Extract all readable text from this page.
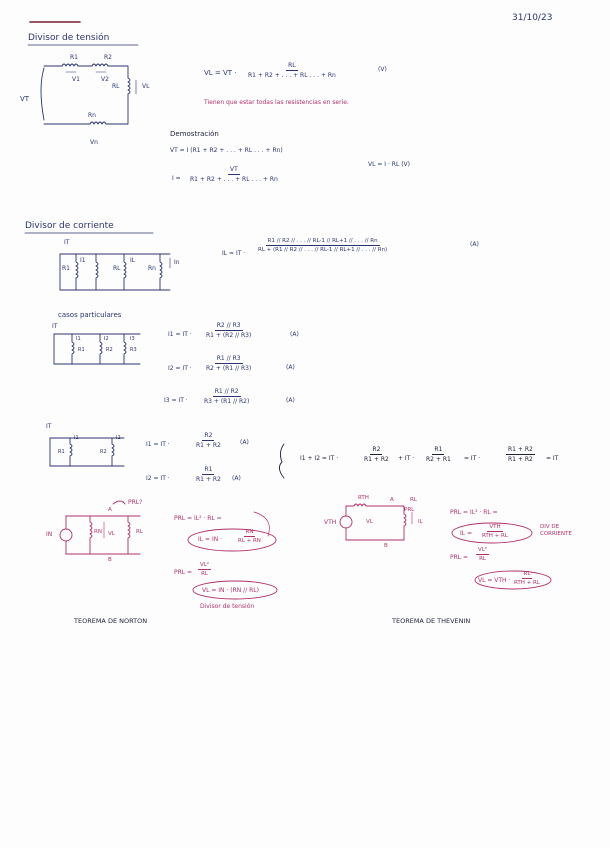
31/10/23
Divisor de tensión
VT
R1	R2
RL	VL
V1	V2
Rn
Vn
VL = VT · $\frac{RL}{R1 + R2 + . . . + RL . . . + Rn}$	(V)
Tienen que estar todas las resistencias en serie.
Demostración
VT = I (R1 + R2 + . . . + RL . . . + Rn)
$I = \frac{VT}{R1 + R2 + . . . + RL . . . + Rn}$
VL = I · RL (V)
Divisor de corriente
IT
R1
I1
RL
IL
Rn
In
IL = IT ·
$\frac{R1 // R2 // . . . // RL-1 // RL+1 // . . . // Rn}{RL + (R1 // R2 // . . . // RL-1 // RL+1 // . . . // Rn)}$	(A)
casos particulares
IT
I1	I2	I3
R1	R2	R3
I1 = IT · $\frac{R2 // R3}{R1 + (R2 // R3)}$	(A)
I2 = IT · $\frac{R1 // R3}{R2 + (R1 // R3)}$	(A)
I3 = IT ·	$\frac{R1 // R2}{R3 + (R1 // R2)}$	(A)
IT
I1	I2
R1	R2
I1 = IT ·	$\frac{R2}{R1 + R2}$	(A)
I2 = IT ·	$\frac{R1}{R1 + R2} (A)$
I1 + I2 = IT ·	$\frac{R2}{R1 + R2}$ + IT · $\frac{R1}{R2 + R1}$ = IT ·	$\frac{R1 + R2}{R1 + R2}$ = IT
IN	RN VL	RL
A
B
PRL?
PRL = IL² · RL =
IL = IN ·	$\frac{RN}{RL + RN}$
PRL = $\frac{\text{VL²}}{RL}$
VL = IN · (RN // RL)
Divisor de tensión
TEOREMA DE NORTON
VTH
RTH
VL
RL
IL
A
B
PRL	PRL = IL² · RL =
IL =
VTH
RTH + RL
DIV DE CORRIENTE
PRL = $\frac{\text{VL²}}{RL}$
VL = VTH ·
RL
RTH + RL
TEOREMA DE THEVENIN
